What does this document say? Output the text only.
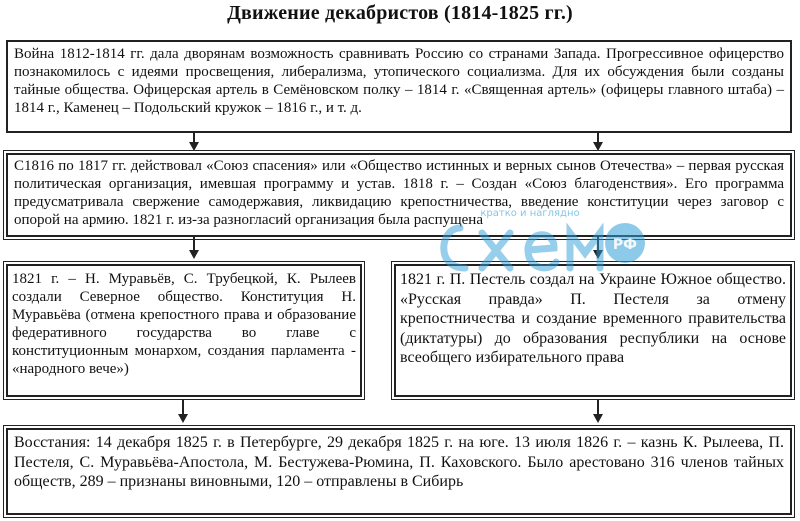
Движение декабристов (1814-1825 гг.)
Война 1812-1814 гг. дала дворянам возможность сравнивать Россию со странами Запада. Прогрессивное офицерство познакомилось с идеями просвещения, либерализма, утопического социализма. Для их обсуждения были созданы тайные общества. Офицерская артель в Семёновском полку – 1814 г. «Священная артель» (офицеры главного штаба) – 1814 г., Каменец – Подольский кружок – 1816 г., и т. д.
С1816 по 1817 гг. действовал «Союз спасения» или «Общество истинных и верных сынов Отечества» – первая русская политическая организация, имевшая программу и устав. 1818 г. – Создан «Союз благоденствия». Его программа предусматривала свержение самодержавия, ликвидацию крепостничества, введение конституции через заговор с опорой на армию. 1821 г. из-за разногласий организация была распущена
1821 г. – Н. Муравьёв, С. Трубецкой, К. Рылеев создали Северное общество. Конституция Н. Муравьёва (отмена крепостного права и образование федеративного государства во главе с конституционным монархом, создания парламента - «народного вече»)
1821 г. П. Пестель создал на Украине Южное общество. «Русская правда» П. Пестеля за отмену крепостничества и создание временного правительства (диктатуры) до образования республики на основе всеобщего избирательного права
Восстания: 14 декабря 1825 г. в Петербурге, 29 декабря 1825 г. на юге. 13 июля 1826 г. – казнь К. Рылеева, П. Пестеля, С. Муравьёва-Апостола, М. Бестужева-Рюмина, П. Каховского. Было арестовано 316 членов тайных обществ, 289 – признаны виновными, 120 – отправлены в Сибирь
РФ
кратко и наглядно
